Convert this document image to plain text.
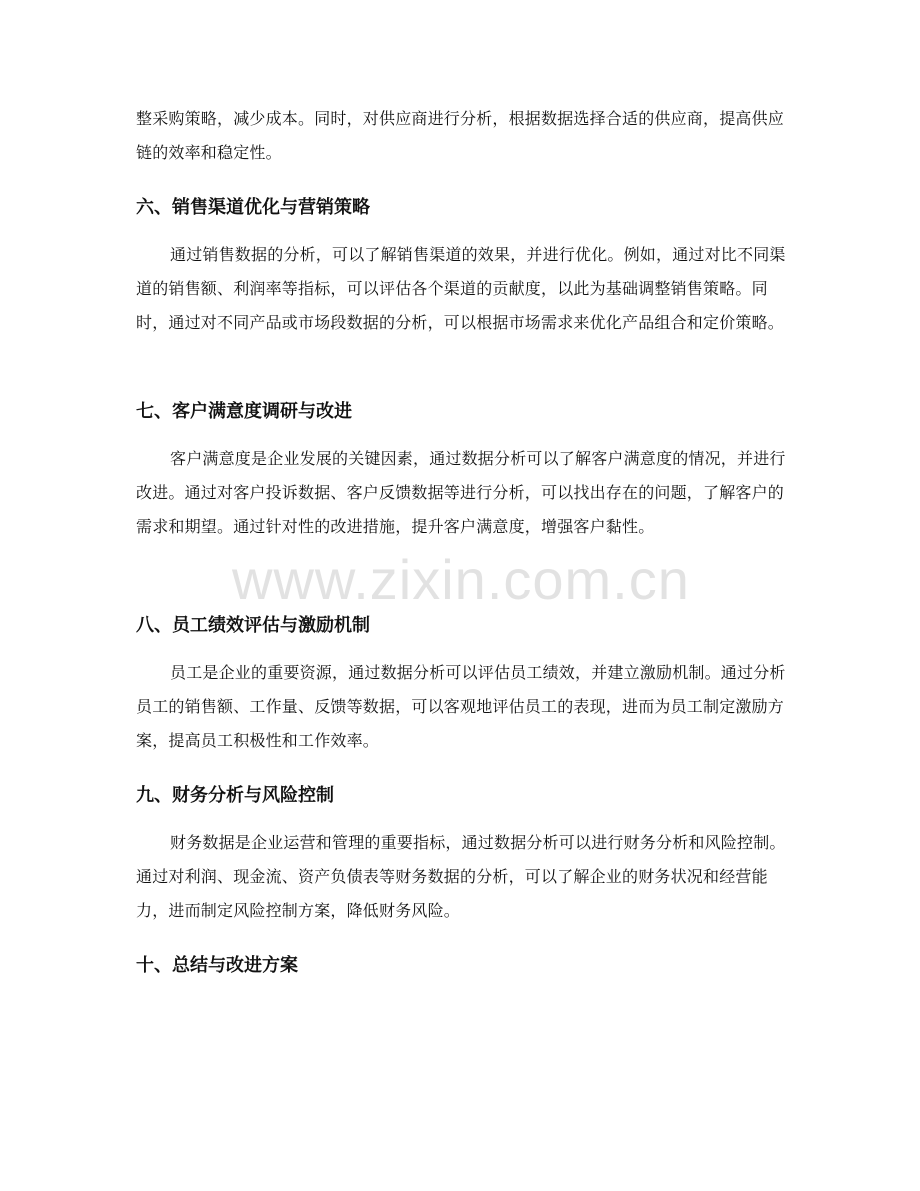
整采购策略，减少成本。同时，对供应商进行分析，根据数据选择合适的供应商，提高供应链的效率和稳定性。

六、销售渠道优化与营销策略

通过销售数据的分析，可以了解销售渠道的效果，并进行优化。例如，通过对比不同渠道的销售额、利润率等指标，可以评估各个渠道的贡献度，以此为基础调整销售策略。同时，通过对不同产品或市场段数据的分析，可以根据市场需求来优化产品组合和定价策略。

七、客户满意度调研与改进

客户满意度是企业发展的关键因素，通过数据分析可以了解客户满意度的情况，并进行改进。通过对客户投诉数据、客户反馈数据等进行分析，可以找出存在的问题，了解客户的需求和期望。通过针对性的改进措施，提升客户满意度，增强客户黏性。

www.zixin.com.cn
八、员工绩效评估与激励机制

员工是企业的重要资源，通过数据分析可以评估员工绩效，并建立激励机制。通过分析员工的销售额、工作量、反馈等数据，可以客观地评估员工的表现，进而为员工制定激励方案，提高员工积极性和工作效率。

九、财务分析与风险控制

财务数据是企业运营和管理的重要指标，通过数据分析可以进行财务分析和风险控制。通过对利润、现金流、资产负债表等财务数据的分析，可以了解企业的财务状况和经营能力，进而制定风险控制方案，降低财务风险。

十、总结与改进方案
